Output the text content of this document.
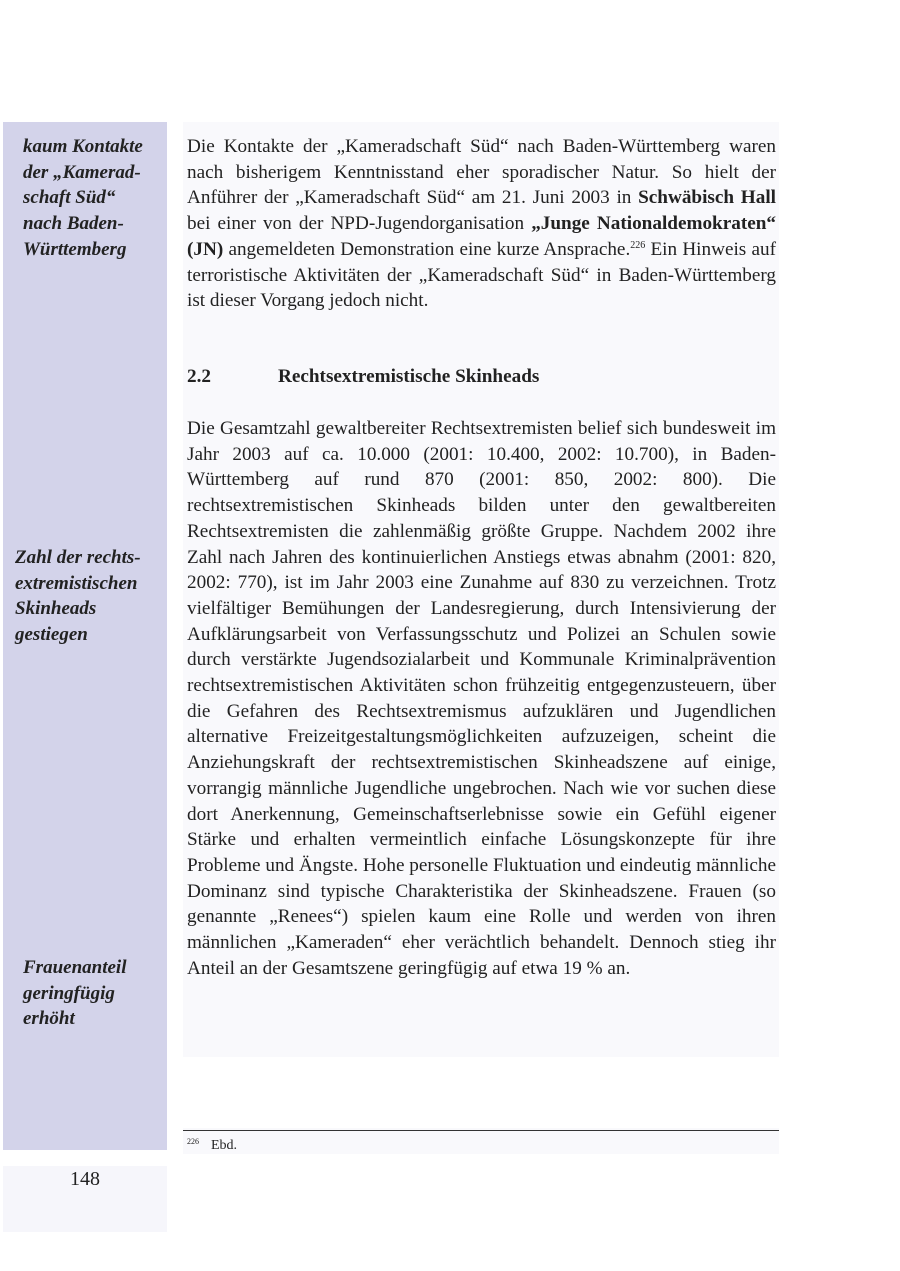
148
kaum Kontakte
der „Kamerad-
schaft Süd“
nach Baden-
Württemberg
Zahl der rechts-
extremistischen
Skinheads
gestiegen
Frauenanteil
geringfügig
erhöht
Die Kontakte der „Kameradschaft Süd“ nach Baden-Württemberg waren nach bisherigem Kenntnisstand eher sporadischer Natur. So hielt der Anführer der „Kameradschaft Süd“ am 21. Juni 2003 in Schwäbisch Hall bei einer von der NPD-Jugendorganisation „Junge Nationaldemokraten“ (JN) angemeldeten Demonstration eine kurze Ansprache.$^{226}$ Ein Hinweis auf terroristische Aktivitäten der „Kameradschaft Süd“ in Baden-Württemberg ist dieser Vorgang jedoch nicht.
2.2	Rechtsextremistische Skinheads
Die Gesamtzahl gewaltbereiter Rechtsextremisten belief sich bundesweit im Jahr 2003 auf ca. 10.000 (2001: 10.400, 2002: 10.700), in Baden-Württemberg auf rund 870 (2001: 850, 2002: 800). Die rechtsextremistischen Skinheads bilden unter den gewaltbereiten Rechtsextremisten die zahlenmäßig größte Gruppe. Nachdem 2002 ihre Zahl nach Jahren des kontinuierlichen Anstiegs etwas abnahm (2001: 820, 2002: 770), ist im Jahr 2003 eine Zunahme auf 830 zu verzeichnen. Trotz vielfältiger Bemühungen der Landesregierung, durch Intensivierung der Aufklärungsarbeit von Verfassungsschutz und Polizei an Schulen sowie durch verstärkte Jugendsozialarbeit und Kommunale Kriminalprävention rechtsextremistischen Aktivitäten schon frühzeitig entgegenzusteuern, über die Gefahren des Rechtsextremismus aufzuklären und Jugendlichen alternative Freizeitgestaltungsmöglichkeiten aufzuzeigen, scheint die Anziehungskraft der rechtsextremistischen Skinheadszene auf einige, vorrangig männliche Jugendliche ungebrochen. Nach wie vor suchen diese dort Anerkennung, Gemeinschaftserlebnisse sowie ein Gefühl eigener Stärke und erhalten vermeintlich einfache Lösungskonzepte für ihre Probleme und Ängste. Hohe personelle Fluktuation und eindeutig männliche Dominanz sind typische Charakteristika der Skinheadszene. Frauen (so genannte „Renees“) spielen kaum eine Rolle und werden von ihren männlichen „Kameraden“ eher verächtlich behandelt. Dennoch stieg ihr Anteil an der Gesamtszene geringfügig auf etwa 19 % an.
226 Ebd.
